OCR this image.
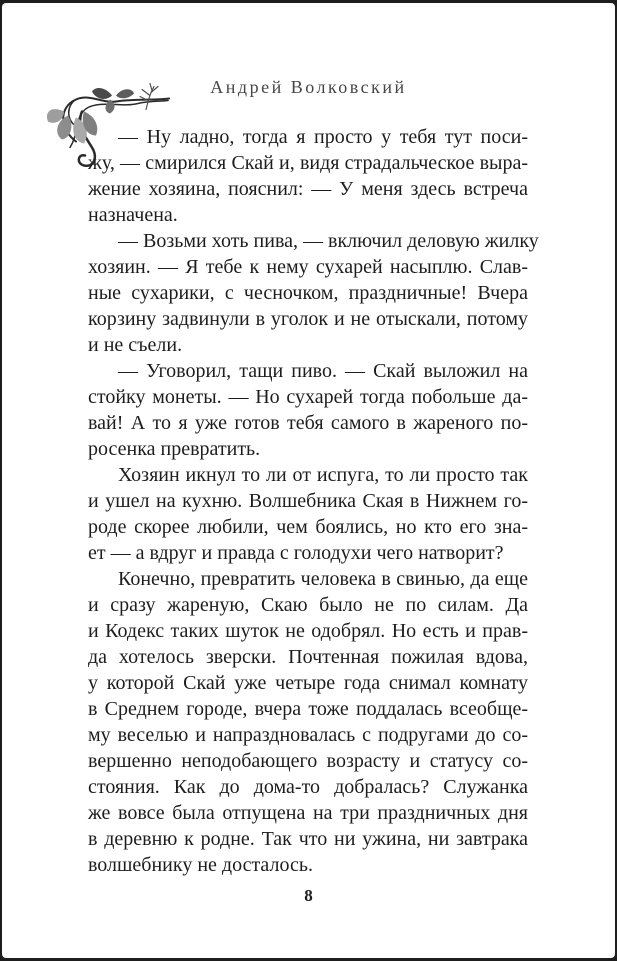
Андрей Волковский
— Ну ладно, тогда я просто у тебя тут поси-
жу, — смирился Скай и, видя страдальческое выра-
жение хозяина, пояснил: — У меня здесь встреча
назначена.
— Возьми хоть пива, — включил деловую жилку
хозяин. — Я тебе к нему сухарей насыплю. Слав-
ные сухарики, с чесночком, праздничные! Вчера
корзину задвинули в уголок и не отыскали, потому
и не съели.
— Уговорил, тащи пиво. — Скай выложил на
стойку монеты. — Но сухарей тогда побольше да-
вай! А то я уже готов тебя самого в жареного по-
росенка превратить.
Хозяин икнул то ли от испуга, то ли просто так
и ушел на кухню. Волшебника Ская в Нижнем го-
роде скорее любили, чем боялись, но кто его зна-
ет — а вдруг и правда с голодухи чего натворит?
Конечно, превратить человека в свинью, да еще
и сразу жареную, Скаю было не по силам. Да
и Кодекс таких шуток не одобрял. Но есть и прав-
да хотелось зверски. Почтенная пожилая вдова,
у которой Скай уже четыре года снимал комнату
в Среднем городе, вчера тоже поддалась всеобще-
му веселью и напраздновалась с подругами до со-
вершенно неподобающего возрасту и статусу со-
стояния. Как до дома-то добралась? Служанка
же вовсе была отпущена на три праздничных дня
в деревню к родне. Так что ни ужина, ни завтрака
волшебнику не досталось.
8
